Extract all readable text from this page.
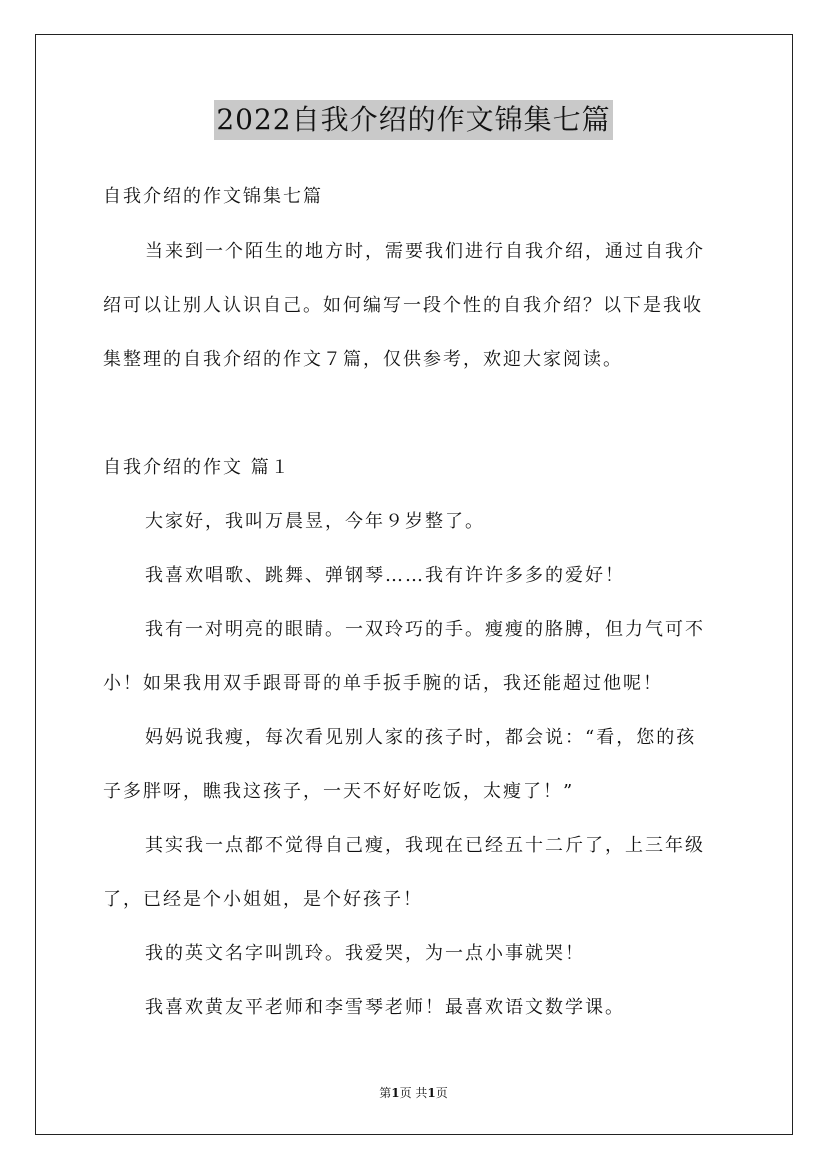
2022自我介绍的作文锦集七篇
自我介绍的作文锦集七篇
当来到一个陌生的地方时，需要我们进行自我介绍，通过自我介
绍可以让别人认识自己。如何编写一段个性的自我介绍？以下是我收
集整理的自我介绍的作文７篇，仅供参考，欢迎大家阅读。
自我介绍的作文 篇１
大家好，我叫万晨昱，今年９岁整了。
我喜欢唱歌、跳舞、弹钢琴……我有许许多多的爱好！
我有一对明亮的眼睛。一双玲巧的手。瘦瘦的胳膊，但力气可不
小！如果我用双手跟哥哥的单手扳手腕的话，我还能超过他呢！
妈妈说我瘦，每次看见别人家的孩子时，都会说：“看，您的孩
子多胖呀，瞧我这孩子，一天不好好吃饭，太瘦了！”
其实我一点都不觉得自己瘦，我现在已经五十二斤了，上三年级
了，已经是个小姐姐，是个好孩子！
我的英文名字叫凯玲。我爱哭，为一点小事就哭！
我喜欢黄友平老师和李雪琴老师！最喜欢语文数学课。
第1页 共1页
